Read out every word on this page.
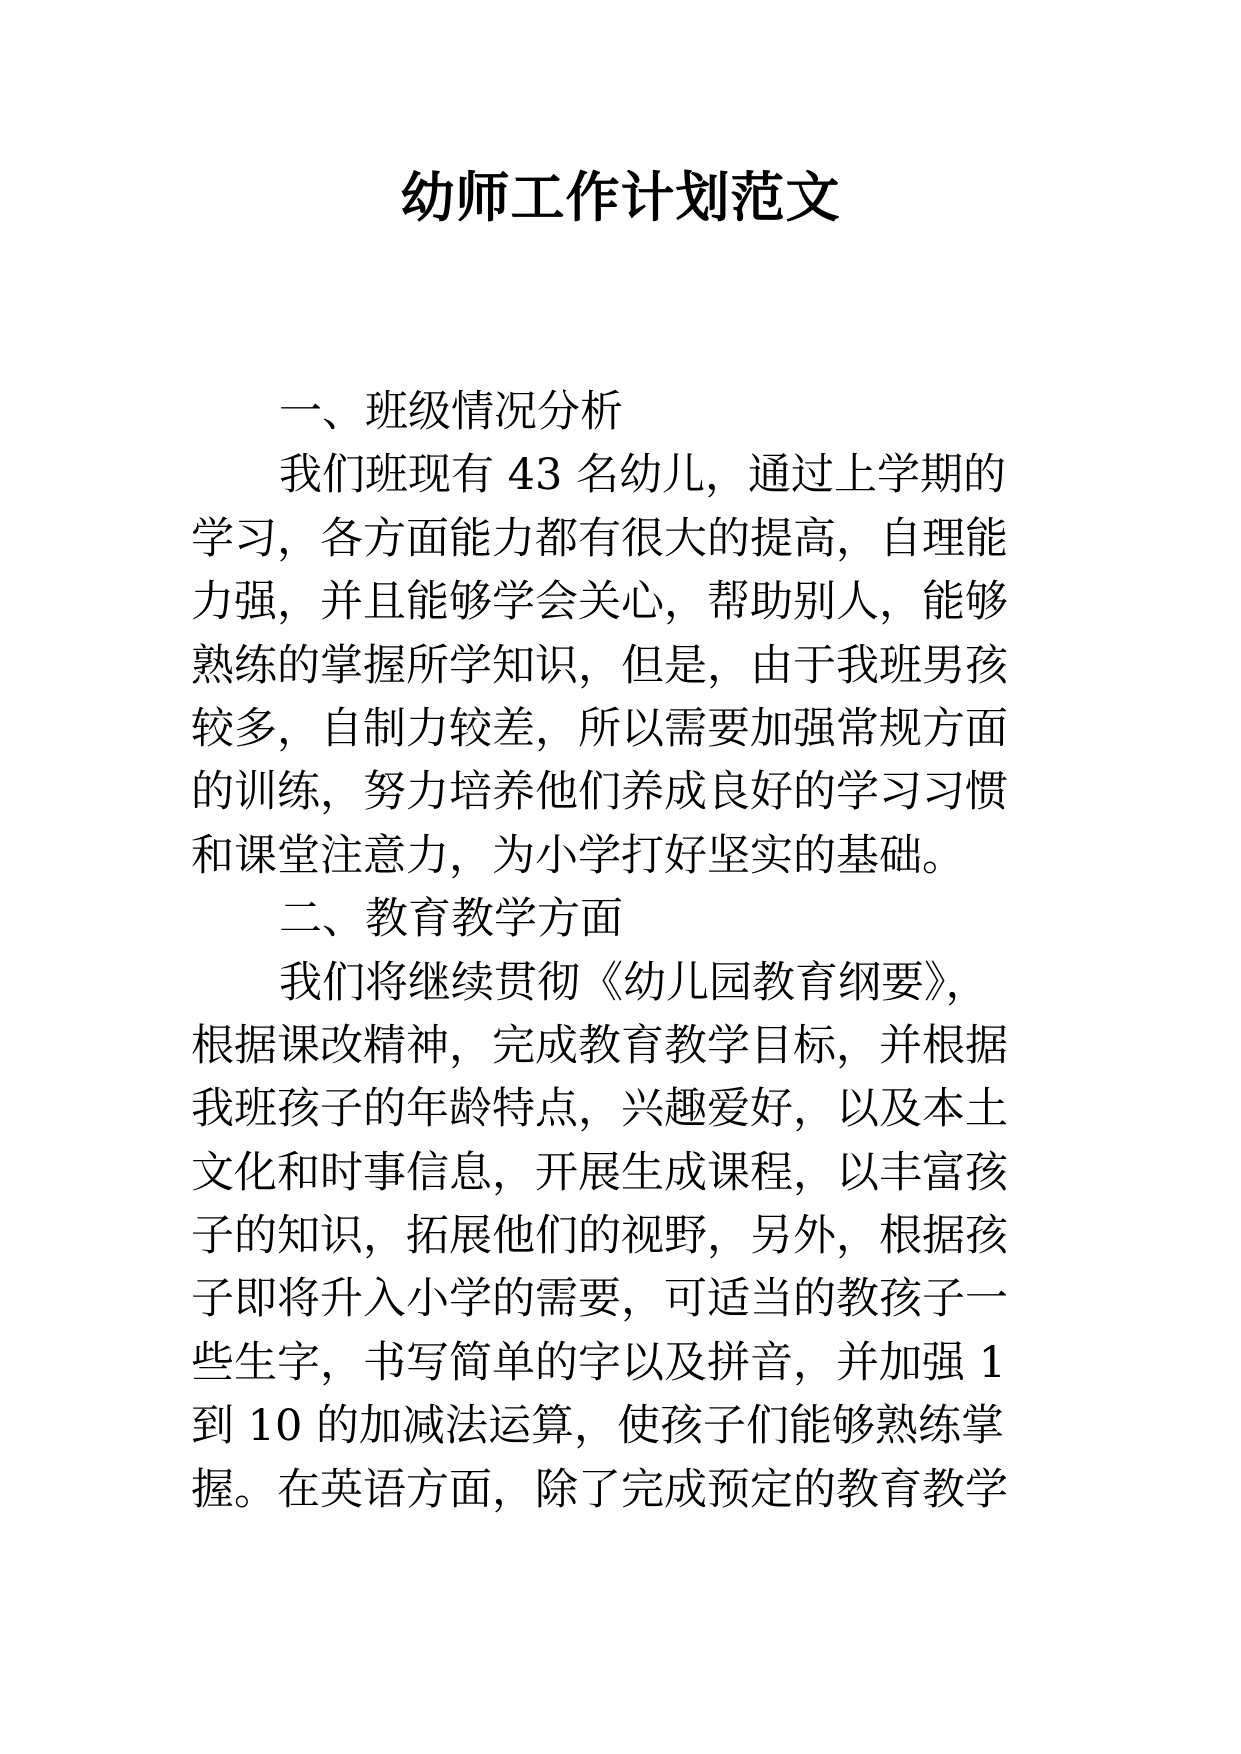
幼师工作计划范文
一、班级情况分析
我们班现有 43 名幼儿，通过上学期的
学习，各方面能力都有很大的提高，自理能
力强，并且能够学会关心，帮助别人，能够
熟练的掌握所学知识，但是，由于我班男孩
较多，自制力较差，所以需要加强常规方面
的训练，努力培养他们养成良好的学习习惯
和课堂注意力，为小学打好坚实的基础。
二、教育教学方面
我们将继续贯彻《幼儿园教育纲要》，
根据课改精神，完成教育教学目标，并根据
我班孩子的年龄特点，兴趣爱好，以及本土
文化和时事信息，开展生成课程，以丰富孩
子的知识，拓展他们的视野，另外，根据孩
子即将升入小学的需要，可适当的教孩子一
些生字，书写简单的字以及拼音，并加强 1
到 10 的加减法运算，使孩子们能够熟练掌
握。在英语方面，除了完成预定的教育教学
